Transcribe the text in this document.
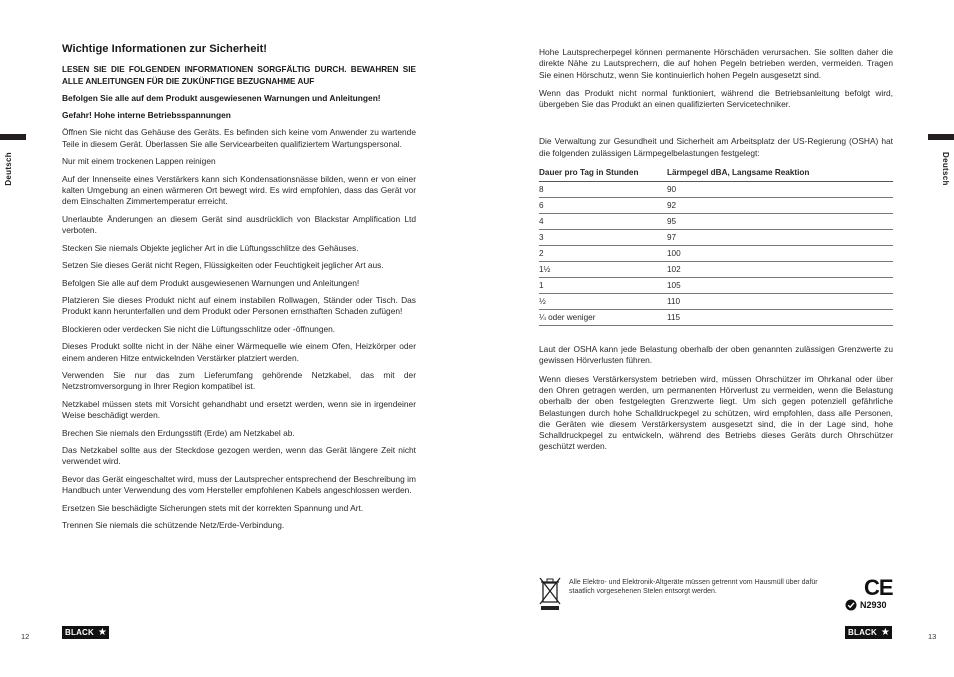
Deutsch
Wichtige Informationen zur Sicherheit!
LESEN SIE DIE FOLGENDEN INFORMATIONEN SORGFÄLTIG DURCH. BEWAHREN SIE ALLE ANLEITUNGEN FÜR DIE ZUKÜNFTIGE BEZUGNAHME AUF
Befolgen Sie alle auf dem Produkt ausgewiesenen Warnungen und Anleitungen!
Gefahr! Hohe interne Betriebsspannungen

Öffnen Sie nicht das Gehäuse des Geräts. Es befinden sich keine vom Anwender zu wartende Teile in diesem Gerät. Überlassen Sie alle Servicearbeiten qualifiziertem Wartungspersonal.

Nur mit einem trockenen Lappen reinigen

Auf der Innenseite eines Verstärkers kann sich Kondensationsnässe bilden, wenn er von einer kalten Umgebung an einen wärmeren Ort bewegt wird. Es wird empfohlen, dass das Gerät vor dem Einschalten Zimmertemperatur erreicht.

Unerlaubte Änderungen an diesem Gerät sind ausdrücklich von Blackstar Amplification Ltd verboten.

Stecken Sie niemals Objekte jeglicher Art in die Lüftungsschlitze des Gehäuses.

Setzen Sie dieses Gerät nicht Regen, Flüssigkeiten oder Feuchtigkeit jeglicher Art aus.

Befolgen Sie alle auf dem Produkt ausgewiesenen Warnungen und Anleitungen!

Platzieren Sie dieses Produkt nicht auf einem instabilen Rollwagen, Ständer oder Tisch. Das Produkt kann herunterfallen und dem Produkt oder Personen ernsthaften Schaden zufügen!

Blockieren oder verdecken Sie nicht die Lüftungsschlitze oder -öffnungen.

Dieses Produkt sollte nicht in der Nähe einer Wärmequelle wie einem Ofen, Heizkörper oder einem anderen Hitze entwickelnden Verstärker platziert werden.

Verwenden Sie nur das zum Lieferumfang gehörende Netzkabel, das mit der Netzstromversorgung in Ihrer Region kompatibel ist.

Netzkabel müssen stets mit Vorsicht gehandhabt und ersetzt werden, wenn sie in irgendeiner Weise beschädigt werden.

Brechen Sie niemals den Erdungsstift (Erde) am Netzkabel ab.

Das Netzkabel sollte aus der Steckdose gezogen werden, wenn das Gerät längere Zeit nicht verwendet wird.

Bevor das Gerät eingeschaltet wird, muss der Lautsprecher entsprechend der Beschreibung im Handbuch unter Verwendung des vom Hersteller empfohlenen Kabels angeschlossen werden.

Ersetzen Sie beschädigte Sicherungen stets mit der korrekten Spannung und Art.

Trennen Sie niemals die schützende Netz/Erde-Verbindung.

12	BLACK ★
Deutsch

Hohe Lautsprecherpegel können permanente Hörschäden verursachen. Sie sollten daher die direkte Nähe zu Lautsprechern, die auf hohen Pegeln betrieben werden, vermeiden. Tragen Sie einen Hörschutz, wenn Sie kontinuierlich hohen Pegeln ausgesetzt sind.

Wenn das Produkt nicht normal funktioniert, während die Betriebsanleitung befolgt wird, übergeben Sie das Produkt an einen qualifizierten Servicetechniker.

Die Verwaltung zur Gesundheit und Sicherheit am Arbeitsplatz der US-Regierung (OSHA) hat die folgenden zulässigen Lärmpegelbelastungen festgelegt:

Dauer pro Tag in Stunden	Lärmpegel dBA, Langsame Reaktion
8	90
6	92
4	95
3	97
2	100
1½	102
1	105
½	110
¼ oder weniger	115

Laut der OSHA kann jede Belastung oberhalb der oben genannten zulässigen Grenzwerte zu gewissen Hörverlusten führen.

Wenn dieses Verstärkersystem betrieben wird, müssen Ohrschützer im Ohrkanal oder über den Ohren getragen werden, um permanenten Hörverlust zu vermeiden, wenn die Belastung oberhalb der oben festgelegten Grenzwerte liegt. Um sich gegen potenziell gefährliche Belastungen durch hohe Schalldruckpegel zu schützen, wird empfohlen, dass alle Personen, die Geräten wie diesem Verstärkersystem ausgesetzt sind, die in der Lage sind, hohe Schalldruckpegel zu entwickeln, während des Betriebs dieses Geräts durch Ohrschützer geschützt werden.

Alle Elektro- und Elektronik-Altgeräte müssen getrennt vom Hausmüll über dafür staatlich vorgesehenen Stelen entsorgt werden.	CE
N2930
13
BLACK ★
